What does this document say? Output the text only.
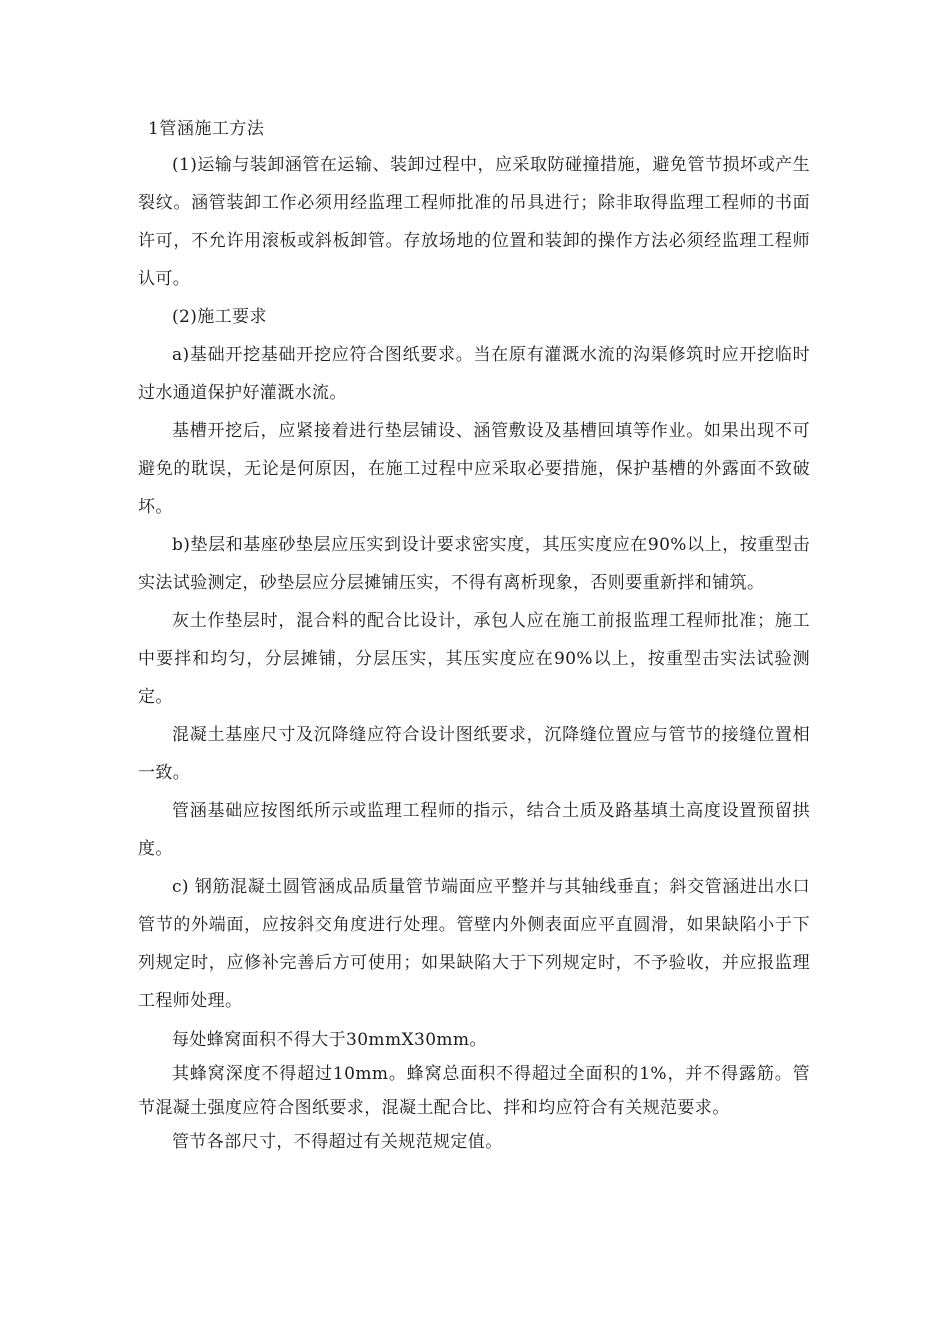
1管涵施工方法

(1)运输与装卸涵管在运输、装卸过程中，应采取防碰撞措施，避免管节损坏或产生裂纹。涵管装卸工作必须用经监理工程师批准的吊具进行；除非取得监理工程师的书面许可，不允许用滚板或斜板卸管。存放场地的位置和装卸的操作方法必须经监理工程师认可。

(2)施工要求

a)基础开挖基础开挖应符合图纸要求。当在原有灌溉水流的沟渠修筑时应开挖临时过水通道保护好灌溉水流。

基槽开挖后，应紧接着进行垫层铺设、涵管敷设及基槽回填等作业。如果出现不可避免的耽误，无论是何原因，在施工过程中应采取必要措施，保护基槽的外露面不致破坏。

b)垫层和基座砂垫层应压实到设计要求密实度，其压实度应在90%以上，按重型击实法试验测定，砂垫层应分层摊铺压实，不得有离析现象，否则要重新拌和铺筑。

灰土作垫层时，混合料的配合比设计，承包人应在施工前报监理工程师批准；施工中要拌和均匀，分层摊铺，分层压实，其压实度应在90%以上，按重型击实法试验测定。

混凝土基座尺寸及沉降缝应符合设计图纸要求，沉降缝位置应与管节的接缝位置相一致。

管涵基础应按图纸所示或监理工程师的指示，结合土质及路基填土高度设置预留拱度。

c) 钢筋混凝土圆管涵成品质量管节端面应平整并与其轴线垂直；斜交管涵进出水口管节的外端面，应按斜交角度进行处理。管壁内外侧表面应平直圆滑，如果缺陷小于下列规定时，应修补完善后方可使用；如果缺陷大于下列规定时，不予验收，并应报监理工程师处理。

每处蜂窝面积不得大于30mmX30mm。

其蜂窝深度不得超过10mm。蜂窝总面积不得超过全面积的1%，并不得露筋。管节混凝土强度应符合图纸要求，混凝土配合比、拌和均应符合有关规范要求。

管节各部尺寸，不得超过有关规范规定值。
